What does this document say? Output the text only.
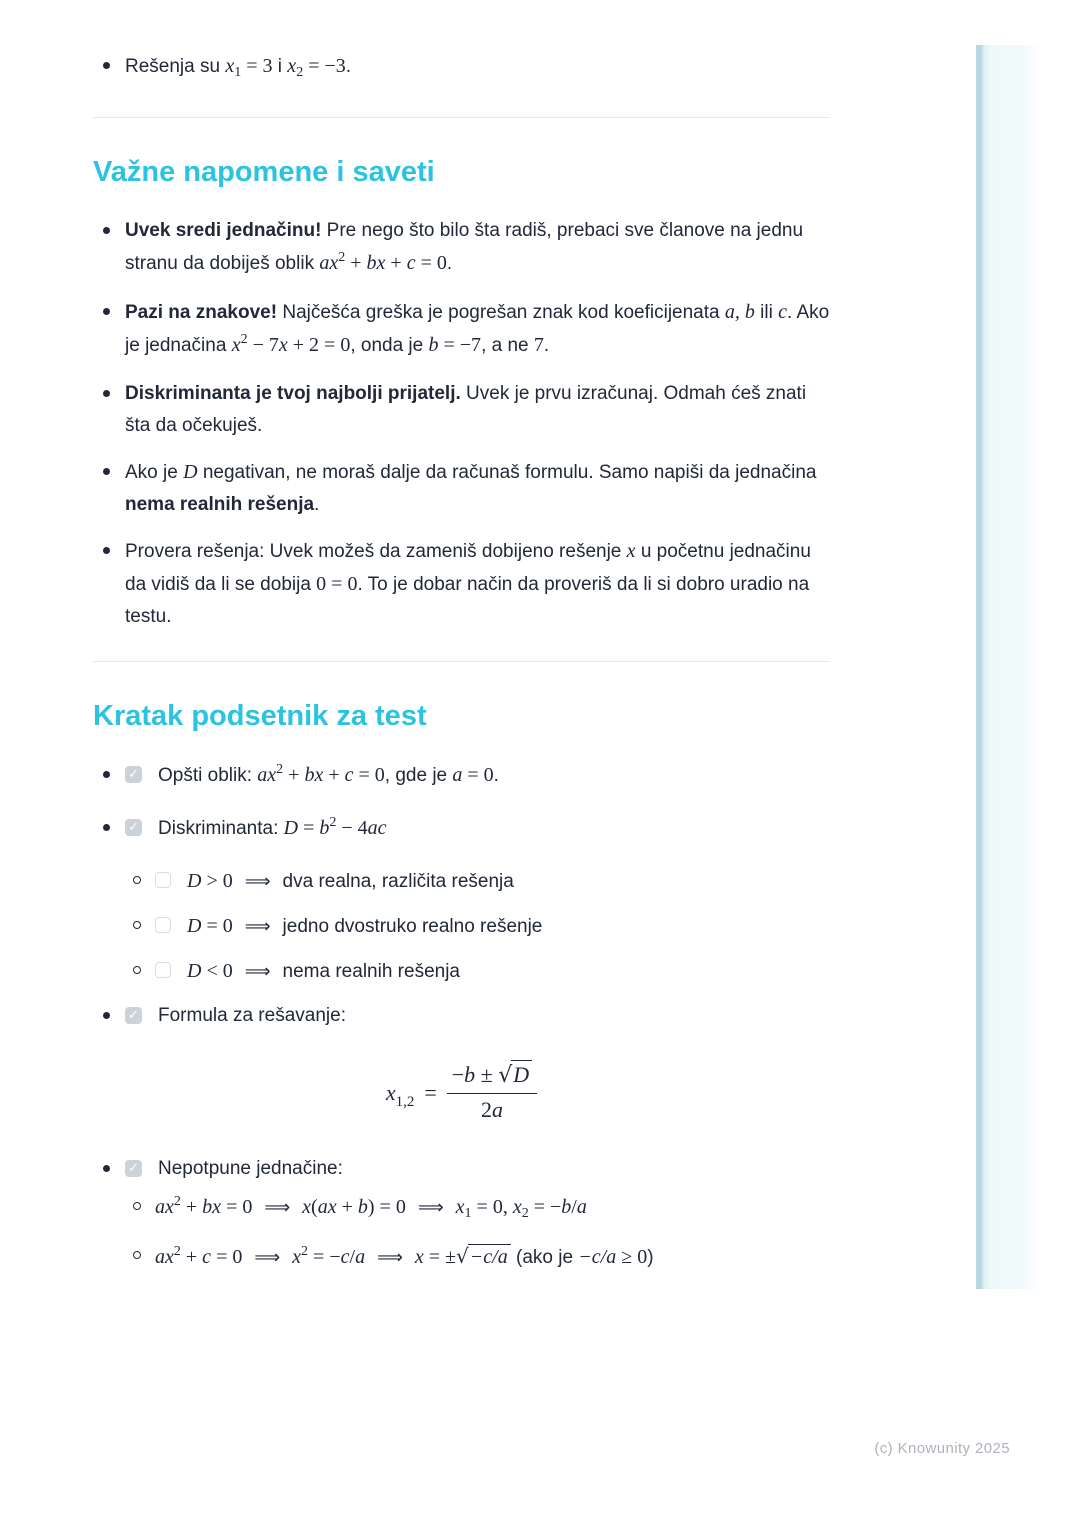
Rešenja su $x_1 = 3$ i $x_2 = -3$.
Važne napomene i saveti
Uvek sredi jednačinu! Pre nego što bilo šta radiš, prebaci sve članove na jednu stranu da dobiješ oblik $ax^2$ + bx + c = 0.
Pazi na znakove! Najčešća greška je pogrešan znak kod koeficijenata a, b ili c. Ako je jednačina $x^2 - 7x + 2 = 0$, onda je b = −7, a ne 7.
Diskriminanta je tvoj najbolji prijatelj. Uvek je prvu izračunaj. Odmah ćeš znati šta da očekuješ.
Ako je D negativan, ne moraš dalje da računaš formulu. Samo napiši da jednačina nema realnih rešenja.
Provera rešenja: Uvek možeš da zameniš dobijeno rešenje x u početnu jednačinu da vidiš da li se dobija 0 = 0. To je dobar način da proveriš da li si dobro uradio na testu.
Kratak podsetnik za test
✓ Opšti oblik: $ax^2$ + bx + c = 0, gde je a = 0.
✓ Diskriminanta: $D = b^2 - 4ac$
D > 0 ⟹ dva realna, različita rešenja
D = 0 ⟹ jedno dvostruko realno rešenje
D < 0 ⟹ nema realnih rešenja
✓ Formula za rešavanje:
$x1,2 = \frac{-b \pm √D}{2a}$
✓ Nepotpune jednačine:
$ax^2$ + bx = 0 ⟹ x(ax + b) = 0 ⟹ $x_1 = 0$, $x_2 = -b/a$
$ax^2 + c = 0$ ⟹ $x^2 = -c/a$ ⟹ x = ±√−c/a (ako je −c/a ≥ 0)
(c) Knowunity 2025
